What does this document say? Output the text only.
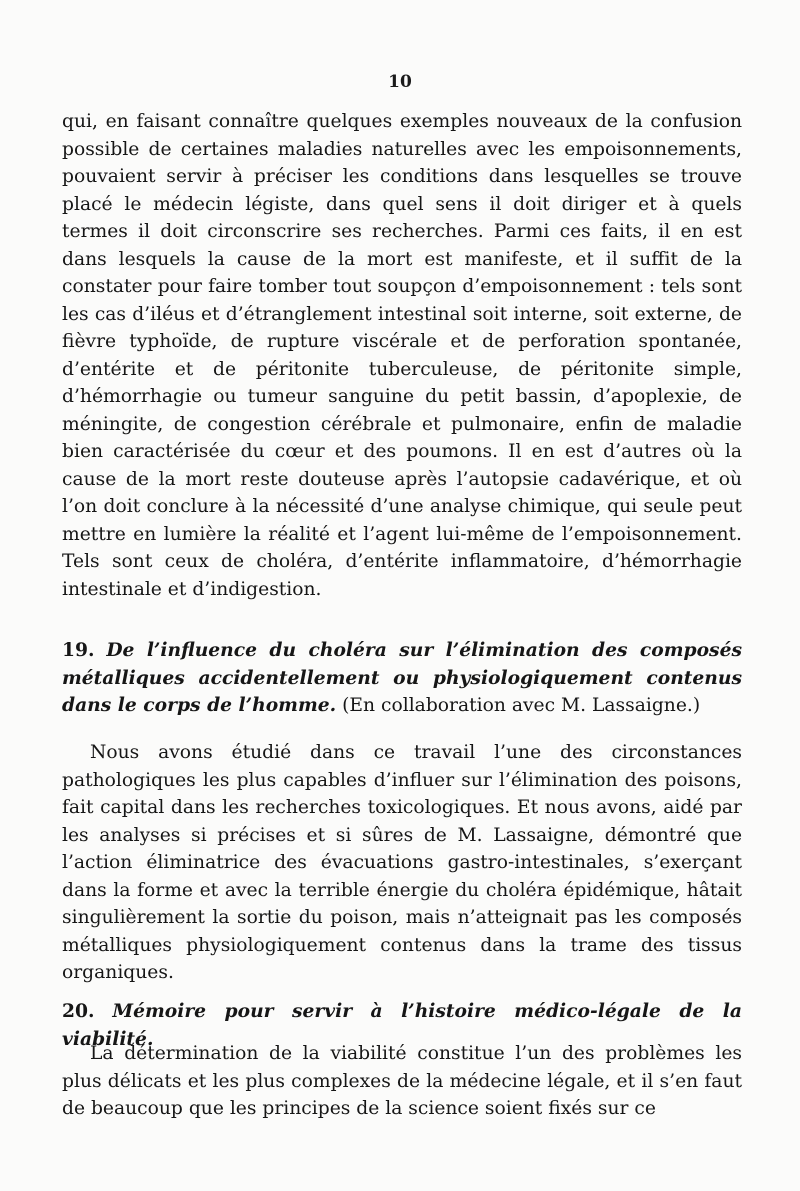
10

qui, en faisant connaître quelques exemples nouveaux de la confusion possible de certaines maladies naturelles avec les empoisonnements, pouvaient servir à préciser les conditions dans lesquelles se trouve placé le médecin légiste, dans quel sens il doit diriger et à quels termes il doit circonscrire ses recherches. Parmi ces faits, il en est dans lesquels la cause de la mort est manifeste, et il suffit de la constater pour faire tomber tout soupçon d’empoisonnement : tels sont les cas d’iléus et d’étranglement intestinal soit interne, soit externe, de fièvre typhoïde, de rupture viscérale et de perforation spontanée, d’entérite et de péritonite tuberculeuse, de péritonite simple, d’hémorrhagie ou tumeur sanguine du petit bassin, d’apoplexie, de méningite, de congestion cérébrale et pulmonaire, enfin de maladie bien caractérisée du cœur et des poumons. Il en est d’autres où la cause de la mort reste douteuse après l’autopsie cadavérique, et où l’on doit conclure à la nécessité d’une analyse chimique, qui seule peut mettre en lumière la réalité et l’agent lui-même de l’empoisonnement. Tels sont ceux de choléra, d’entérite inflammatoire, d’hémorrhagie intestinale et d’indigestion.

19. De l’influence du choléra sur l’élimination des composés métalliques accidentellement ou physiologiquement contenus dans le corps de l’homme. (En collaboration avec M. Lassaigne.)

Nous avons étudié dans ce travail l’une des circonstances pathologiques les plus capables d’influer sur l’élimination des poisons, fait capital dans les recherches toxicologiques. Et nous avons, aidé par les analyses si précises et si sûres de M. Lassaigne, démontré que l’action éliminatrice des évacuations gastro-intestinales, s’exerçant dans la forme et avec la terrible énergie du choléra épidémique, hâtait singulièrement la sortie du poison, mais n’atteignait pas les composés métalliques physiologiquement contenus dans la trame des tissus organiques.

20. Mémoire pour servir à l’histoire médico-légale de la viabilité.

La détermination de la viabilité constitue l’un des problèmes les plus délicats et les plus complexes de la médecine légale, et il s’en faut de beaucoup que les principes de la science soient fixés sur ce
